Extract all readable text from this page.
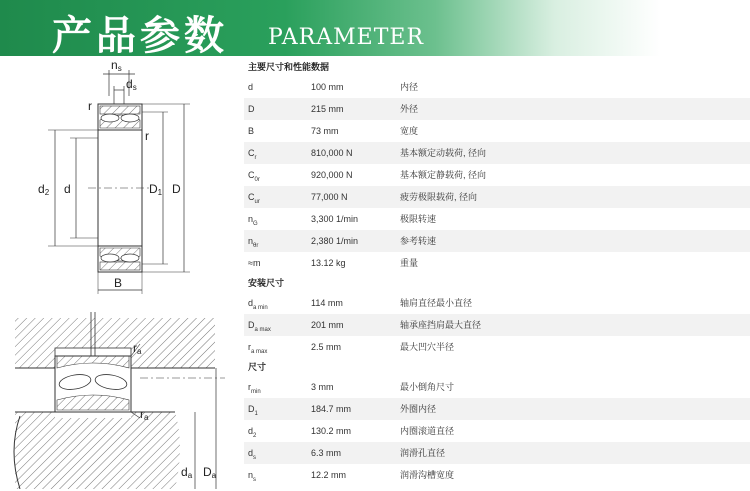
产品参数 PARAMETER
ns
ds
r
r
d2 d	D1 D
B
ra
ra
da Da
主要尺寸和性能数据
d	100 mm	内径
D	215 mm	外径
B	73 mm	宽度
$C_r$	810,000 N	基本额定动载荷, 径向
$C_{0r}$	920,000 N	基本额定静载荷, 径向
$C_{ur}$	77,000 N	疲劳极限载荷, 径向
$n_G$	3,300 1/min	极限转速
$n_{\theta r}$	2,380 1/min	参考转速
≈m	13.12 kg	重量
安装尺寸
$d_{a min}$	114 mm	轴肩直径最小直径
$D_{a max}$	201 mm	轴承座挡肩最大直径
$r_{a max}$	2.5 mm	最大凹穴半径
尺寸
$r_{min}$	3 mm	最小倒角尺寸
$D_1$	184.7 mm	外圈内径
$d_2$	130.2 mm	内圈滚道直径
$d_s$	6.3 mm	润滑孔直径
$n_s$	12.2 mm	润滑沟槽宽度
